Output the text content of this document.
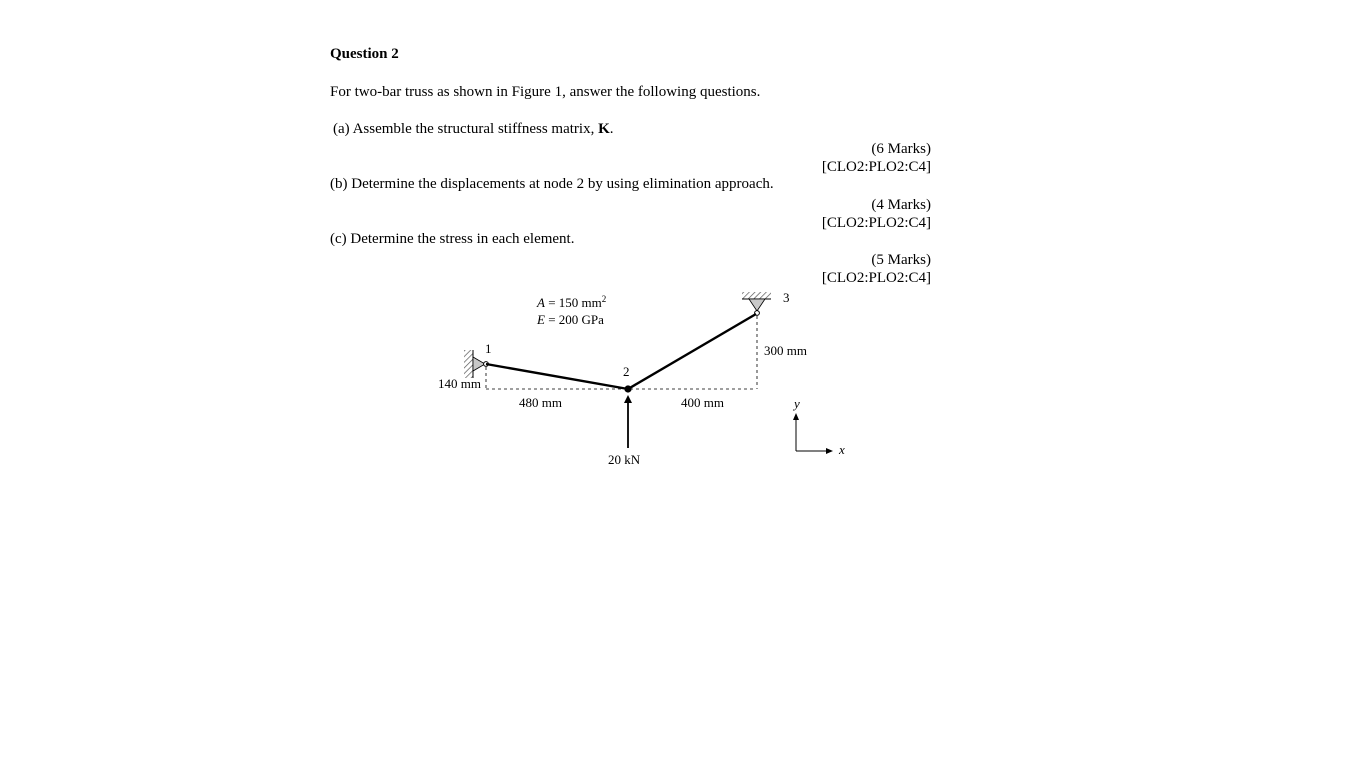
Question 2
For two-bar truss as shown in Figure 1, answer the following questions.
(a) Assemble the structural stiffness matrix, K.
(6 Marks)
[CLO2:PLO2:C4]
(b) Determine the displacements at node 2 by using elimination approach.
(4 Marks)
[CLO2:PLO2:C4]
(c) Determine the stress in each element.
(5 Marks)
[CLO2:PLO2:C4]
A = 150 $mm^2$
E = 200 GPa
1
2
3
140 mm
480 mm	400 mm
300 mm
20 kN
y
x
